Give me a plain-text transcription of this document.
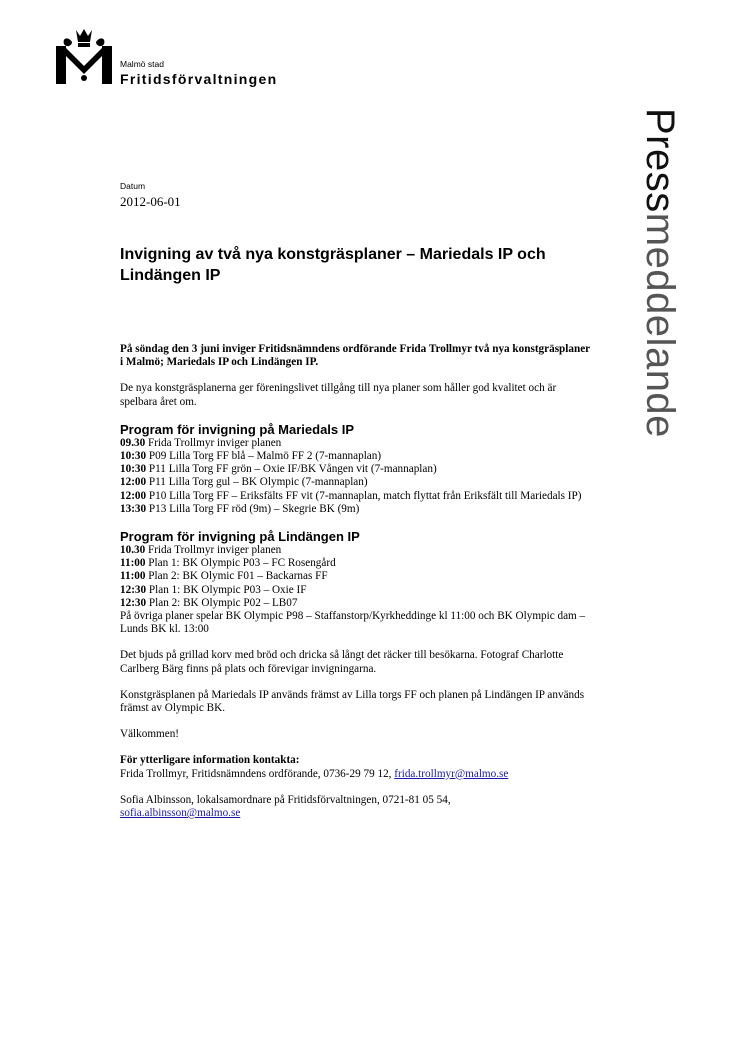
Malmö stad
Fritidsförvaltningen
Pressmeddelande
Datum
2012-06-01
Invigning av två nya konstgräsplaner – Mariedals IP och Lindängen IP

På söndag den 3 juni inviger Fritidsnämndens ordförande Frida Trollmyr två nya konstgräsplaner i Malmö; Mariedals IP och Lindängen IP.

De nya konstgräsplanerna ger föreningslivet tillgång till nya planer som håller god kvalitet och är spelbara året om.

Program för invigning på Mariedals IP

09.30 Frida Trollmyr inviger planen

10:30 P09 Lilla Torg FF blå – Malmö FF 2 (7-mannaplan)

10:30 P11 Lilla Torg FF grön – Oxie IF/BK Vången vit (7-mannaplan)

12:00 P11 Lilla Torg gul – BK Olympic (7-mannaplan)

12:00 P10 Lilla Torg FF – Eriksfälts FF vit (7-mannaplan, match flyttat från Eriksfält till Mariedals IP)

13:30 P13 Lilla Torg FF röd (9m) – Skegrie BK (9m)

Program för invigning på Lindängen IP

10.30 Frida Trollmyr inviger planen

11:00 Plan 1: BK Olympic P03 – FC Rosengård

11:00 Plan 2: BK Olymic F01 – Backarnas FF

12:30 Plan 1: BK Olympic P03 – Oxie IF

12:30 Plan 2: BK Olympic P02 – LB07

På övriga planer spelar BK Olympic P98 – Staffanstorp/Kyrkheddinge kl 11:00 och BK Olympic dam – Lunds BK kl. 13:00

Det bjuds på grillad korv med bröd och dricka så långt det räcker till besökarna. Fotograf Charlotte Carlberg Bärg finns på plats och förevigar invigningarna.

Konstgräsplanen på Mariedals IP används främst av Lilla torgs FF och planen på Lindängen IP används främst av Olympic BK.

Välkommen!

För ytterligare information kontakta:

Frida Trollmyr, Fritidsnämndens ordförande, 0736-29 79 12, frida.trollmyr@malmo.se

Sofia Albinsson, lokalsamordnare på Fritidsförvaltningen, 0721-81 05 54,

sofia.albinsson@malmo.se
